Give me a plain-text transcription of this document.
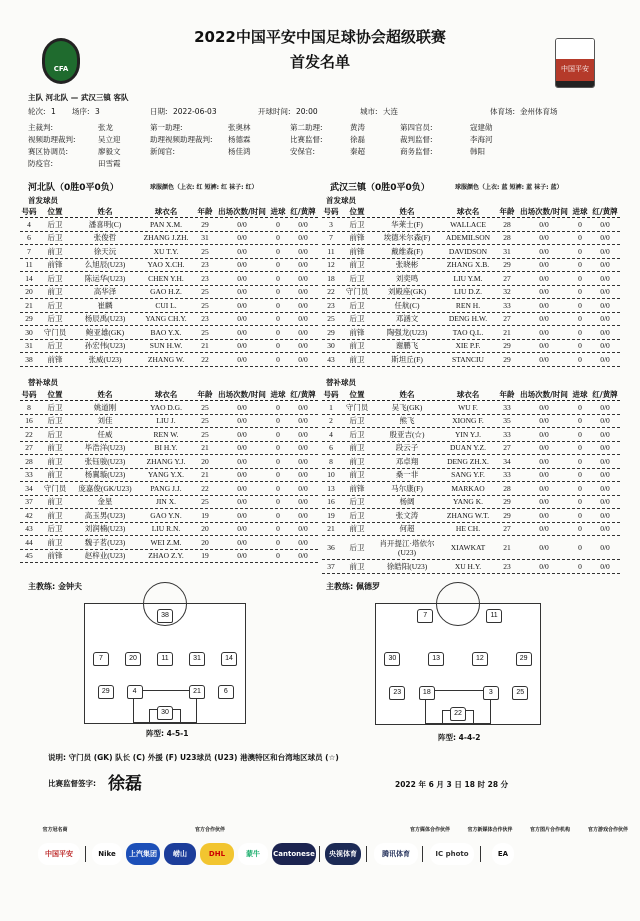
2022中国平安中国足球协会超级联赛
首发名单
CFA	中国平安
主队 河北队 — 武汉三镇 客队
河北队（0胜0平0负）	球服颜色（上衣: 红 短裤: 红 袜子: 红）	武汉三镇（0胜0平0负）	球服颜色（上衣: 蓝 短裤: 蓝 袜子: 蓝）
首发球员	首发球员
号码	位置	姓名	球衣名	年龄 出场次数/时间 进球 红/黄牌
4	后卫	潘喜明(C)	PAN X.M.	29	0/0	0	0/0
6	后卫	张俊哲	ZHANG J.ZH.	31	0/0	0	0/0
7	前卫	徐天沅	XU T.Y.	25	0/0	0	0/0
11	前锋	么旭辰(U23)	YAO X.CH.	23	0/0	0	0/0
14	后卫	陈运华(U23)	CHEN Y.H.	23	0/0	0	0/0
20	前卫	高华泽	GAO H.Z.	25	0/0	0	0/0
21	后卫	崔麟	CUI L.	25	0/0	0	0/0
29	后卫	杨辰禹(U23)	YANG CH.Y.	23	0/0	0	0/0
30	守门员	鲍亚雄(GK)	BAO Y.X.	25	0/0	0	0/0
31	后卫	孙宏伟(U23)	SUN H.W.	21	0/0	0	0/0
38	前锋	张威(U23)	ZHANG W.	22	0/0	0	0/0
号码	位置	姓名	球衣名	年龄 出场次数/时间 进球 红/黄牌
3	后卫	华莱士(F)	WALLACE	28	0/0	0	0/0
7	前锋	埃德米尔森(F)	ADEMILSON	28	0/0	0	0/0
11	前锋	戴维森(F)	DAVIDSON	31	0/0	0	0/0
12	前卫	张晓彬	ZHANG X.B.	29	0/0	0	0/0
18	后卫	刘奕鸣	LIU Y.M.	27	0/0	0	0/0
22	守门员	刘殿座(GK)	LIU D.Z.	32	0/0	0	0/0
23	后卫	任航(C)	REN H.	33	0/0	0	0/0
25	后卫	邓涵文	DENG H.W.	27	0/0	0	0/0
29	前锋	陶强龙(U23)	TAO Q.L.	21	0/0	0	0/0
30	前卫	谢鹏飞	XIE P.F.	29	0/0	0	0/0
43	前卫	斯坦丘(F)	STANCIU	29	0/0	0	0/0
替补球员	替补球员
号码	位置	姓名	球衣名	年龄 出场次数/时间 进球 红/黄牌
8	后卫	姚道刚	YAO D.G.	25	0/0	0	0/0
16	后卫	刘佳	LIU J.	25	0/0	0	0/0
22	后卫	任威	REN W.	25	0/0	0	0/0
27	前卫	毕浩洋(U23)	BI H.Y.	21	0/0	0	0/0
28	前卫	张钰骏(U23)	ZHANG Y.J.	20	0/0	0	0/0
33	前卫	杨翼璇(U23)	YANG Y.X.	21	0/0	0	0/0
34	守门员	庞嘉俊(GK/U23)	PANG J.J.	22	0/0	0	0/0
37	前卫	金星	JIN X.	25	0/0	0	0/0
42	前卫	高玉男(U23)	GAO Y.N.	19	0/0	0	0/0
43	后卫	刘润楠(U23)	LIU R.N.	20	0/0	0	0/0
44	前卫	魏子茗(U23)	WEI Z.M.	20	0/0	0	0/0
45	前锋	赵梓业(U23)	ZHAO Z.Y.	19	0/0	0	0/0
号码	位置	姓名	球衣名	年龄 出场次数/时间 进球 红/黄牌
1	守门员	吴飞(GK)	WU F.	33	0/0	0	0/0
2	后卫	熊飞	XIONG F.	35	0/0	0	0/0
4	后卫	殷亚吉(☆)	YIN Y.J.	33	0/0	0	0/0
6	前卫	段云子	DUAN Y.Z.	27	0/0	0	0/0
8	前卫	邓卓翔	DENG ZH.X.	34	0/0	0	0/0
10	前卫	桑一非	SANG Y.F.	33	0/0	0	0/0
13	前锋	马尔康(F)	MARKAO	28	0/0	0	0/0
16	后卫	杨阔	YANG K.	29	0/0	0	0/0
19	后卫	张文涛	ZHANG W.T.	29	0/0	0	0/0
21	前卫	何超	HE CH.	27	0/0	0	0/0
36	后卫	肖开提江·塔依尔(U23)	XIAWKAT	21	0/0	0	0/0
37	前卫	徐皓阳(U23)	XU H.Y.	23	0/0	0	0/0
主教练: 金钟夫	主教练: 佩德罗
38
7	20	11	31	14
29	4	21	6
30
7	11
30	13	12	29
23	18	3	25
22
阵型: 4-5-1	阵型: 4-4-2
说明: 守门员 (GK) 队长 (C) 外援 (F) U23球员 (U23) 港澳特区和台湾地区球员 (☆)
比赛监督签字: 徐磊	2022 年 6 月 3 日 18 时 28 分
轮次: 1 场序: 3	日期: 2022-06-03	开球时间: 20:00	城市: 大连	体育场: 金州体育场
主裁判:	张龙	第一助理:	张奥林	第二助理:	黄涛	第四官员:	寇建勋
视频助理裁判:	吴立迎	助理视频助理裁判: 杨德霖	比赛监督:	徐磊	裁判监督:	李海河
赛区协调员:	廖毅文	新闻官:	杨佳鸿	安保官:	秦超	商务监督:	韩阳
防疫官:	田雪霞
官方冠名商	官方合作伙伴	官方媒体合作伙伴	官方新媒体合作伙伴	官方图片合作机构	官方游戏合作伙伴
中国平安	Nike	上汽集团	崂山	DHL	蒙牛	Cantonese	央视体育	腾讯体育	IC photo	EA
